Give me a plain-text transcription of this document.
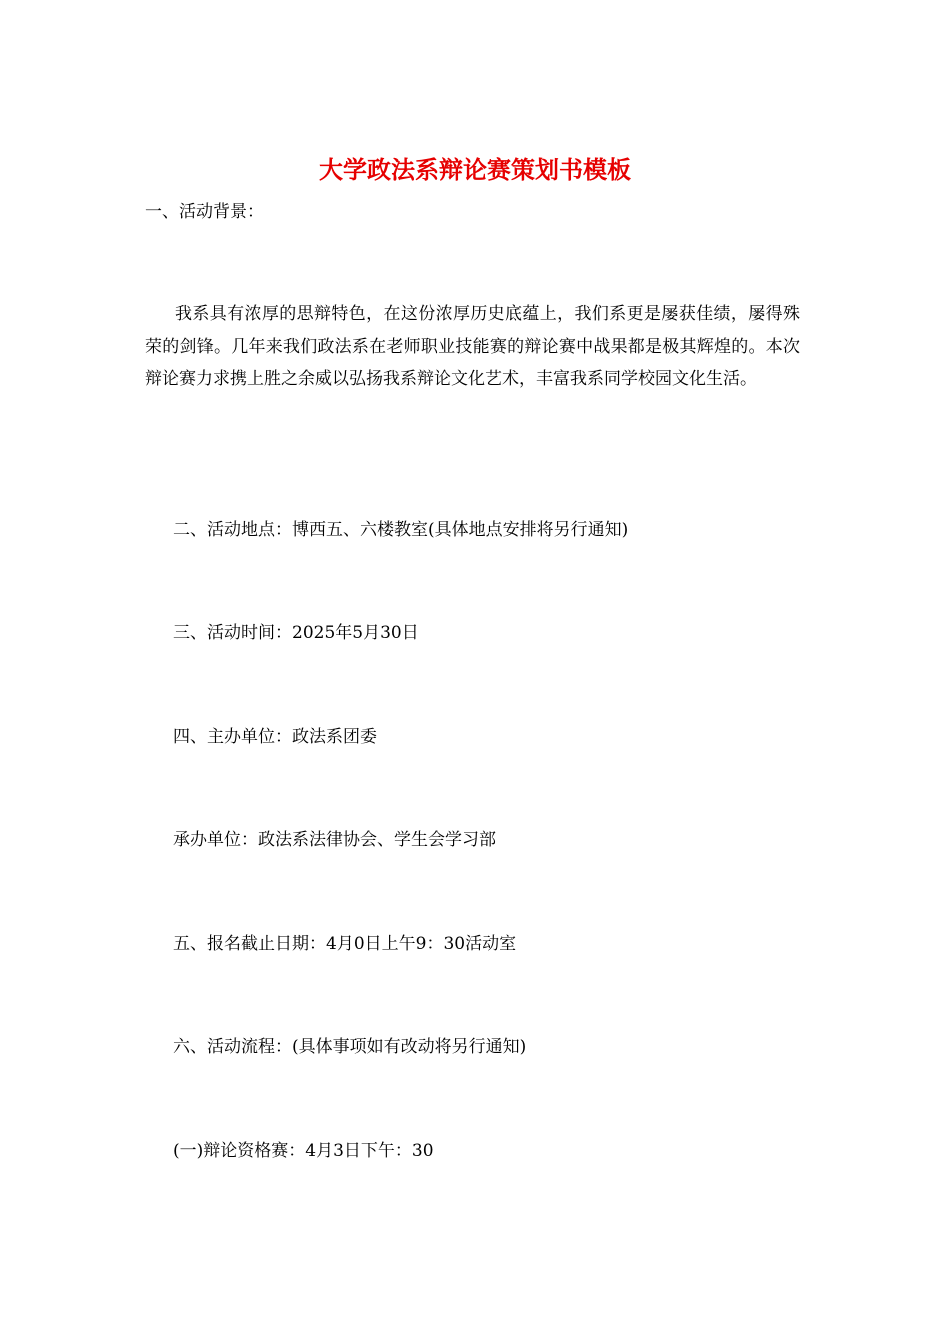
大学政法系辩论赛策划书模板
一、活动背景：
我系具有浓厚的思辩特色，在这份浓厚历史底蕴上，我们系更是屡获佳绩，屡得殊荣的剑锋。几年来我们政法系在老师职业技能赛的辩论赛中战果都是极其辉煌的。本次辩论赛力求携上胜之余威以弘扬我系辩论文化艺术，丰富我系同学校园文化生活。
二、活动地点：博西五、六楼教室(具体地点安排将另行通知)
三、活动时间：2025年5月30日
四、主办单位：政法系团委
承办单位：政法系法律协会、学生会学习部
五、报名截止日期：4月0日上午9：30活动室
六、活动流程：(具体事项如有改动将另行通知)
(一)辩论资格赛：4月3日下午：30
